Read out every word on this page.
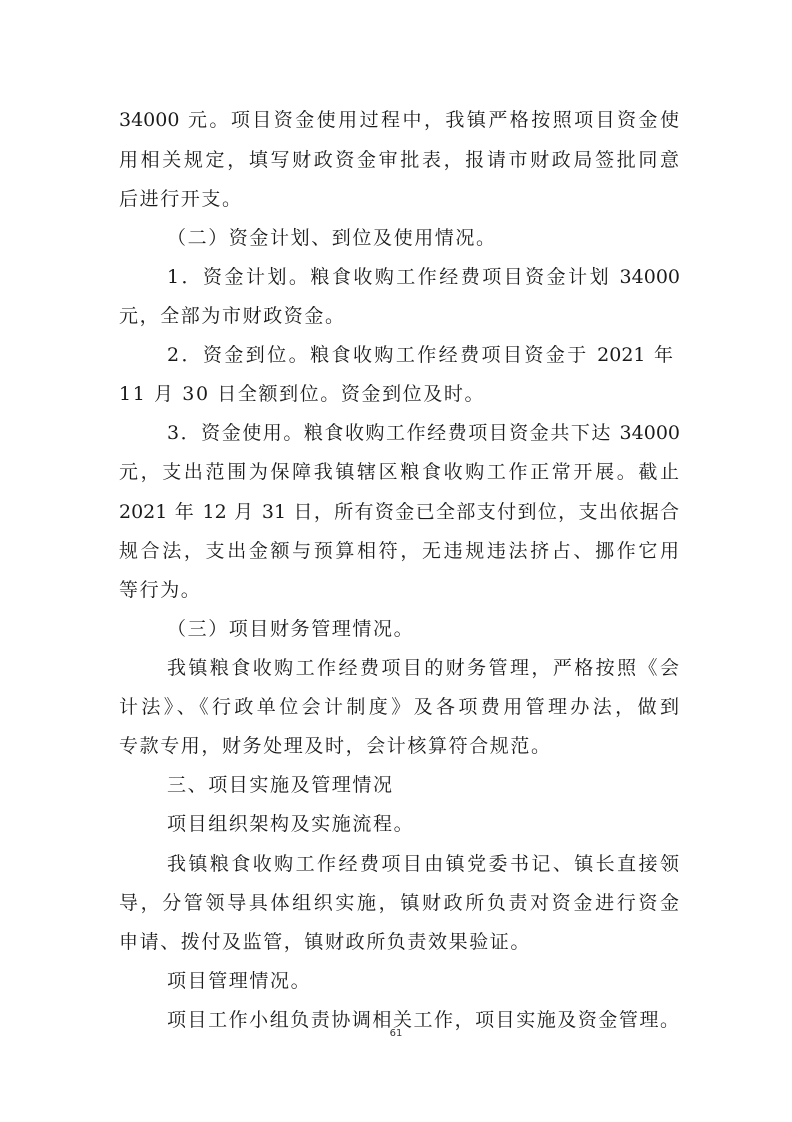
34000 元。项目资金使用过程中，我镇严格按照项目资金使
用相关规定，填写财政资金审批表，报请市财政局签批同意
后进行开支。
（二）资金计划、到位及使用情况。
1．资金计划。粮食收购工作经费项目资金计划 34000
元，全部为市财政资金。
2．资金到位。粮食收购工作经费项目资金于 2021 年
11 月 30 日全额到位。资金到位及时。
3．资金使用。粮食收购工作经费项目资金共下达 34000
元，支出范围为保障我镇辖区粮食收购工作正常开展。截止
2021 年 12 月 31 日，所有资金已全部支付到位，支出依据合
规合法，支出金额与预算相符，无违规违法挤占、挪作它用
等行为。
（三）项目财务管理情况。
我镇粮食收购工作经费项目的财务管理，严格按照《会
计法》、《行政单位会计制度》及各项费用管理办法，做到
专款专用，财务处理及时，会计核算符合规范。
三、项目实施及管理情况
项目组织架构及实施流程。
我镇粮食收购工作经费项目由镇党委书记、镇长直接领
导，分管领导具体组织实施，镇财政所负责对资金进行资金
申请、拨付及监管，镇财政所负责效果验证。
项目管理情况。
项目工作小组负责协调相关工作，项目实施及资金管理。
61
